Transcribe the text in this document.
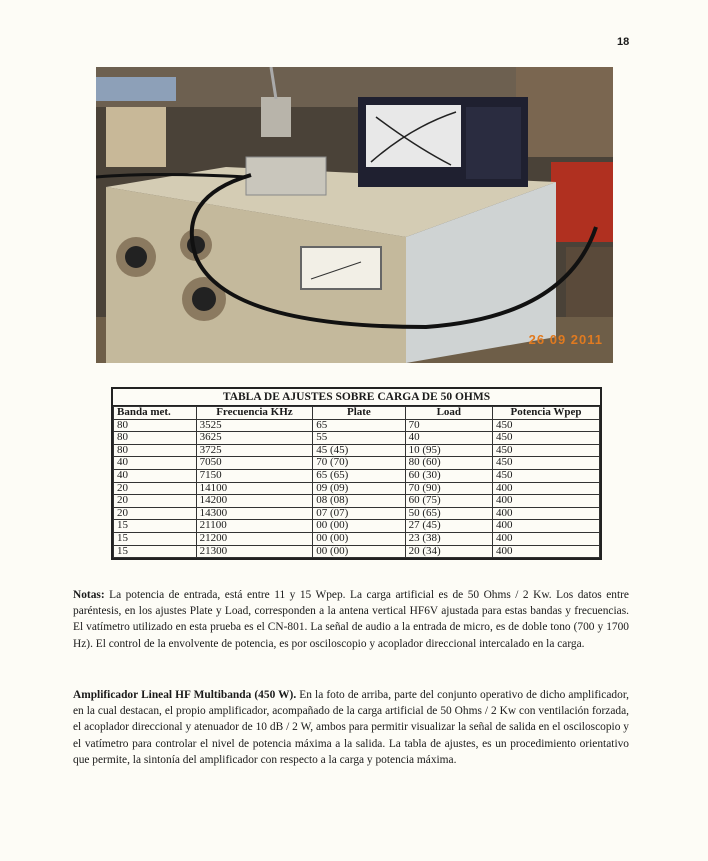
18
26 09 2011
TABLA DE AJUSTES SOBRE CARGA DE 50 OHMS
Banda met.	Frecuencia KHz	Plate	Load	Potencia Wpep
80	3525	65	70	450
80	3625	55	40	450
80	3725	45 (45)	10 (95)	450
40	7050	70 (70)	80 (60)	450
40	7150	65 (65)	60 (30)	450
20	14100	09 (09)	70 (90)	400
20	14200	08 (08)	60 (75)	400
20	14300	07 (07)	50 (65)	400
15	21100	00 (00)	27 (45)	400
15	21200	00 (00)	23 (38)	400
15	21300	00 (00)	20 (34)	400
Notas: La potencia de entrada, está entre 11 y 15 Wpep. La carga artificial es de 50 Ohms / 2 Kw. Los datos entre paréntesis, en los ajustes Plate y Load, corresponden a la antena vertical HF6V ajustada para estas bandas y frecuencias. El vatímetro utilizado en esta prueba es el CN-801. La señal de audio a la entrada de micro, es de doble tono (700 y 1700 Hz). El control de la envolvente de potencia, es por osciloscopio y acoplador direccional intercalado en la carga.
Amplificador Lineal HF Multibanda (450 W). En la foto de arriba, parte del conjunto operativo de dicho amplificador, en la cual destacan, el propio amplificador, acompañado de la carga artificial de 50 Ohms / 2 Kw con ventilación forzada, el acoplador direccional y atenuador de 10 dB / 2 W, ambos para permitir visualizar la señal de salida en el osciloscopio y el vatímetro para controlar el nivel de potencia máxima a la salida. La tabla de ajustes, es un procedimiento orientativo que permite, la sintonía del amplificador con respecto a la carga y potencia máxima.
